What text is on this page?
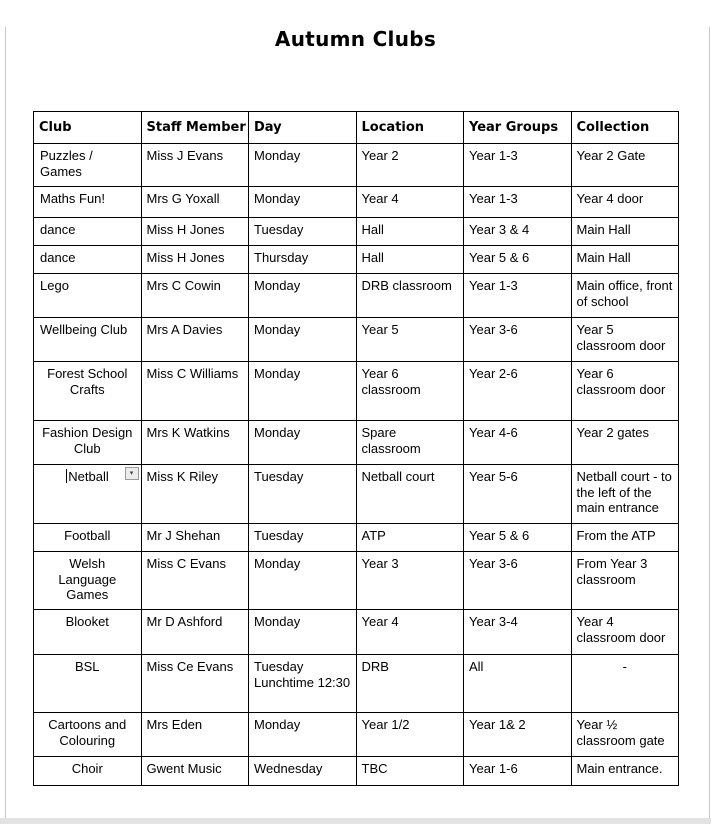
Autumn Clubs
Club	Staff Member	Day	Location	Year Groups	Collection
Puzzles / Games	Miss J Evans	Monday	Year 2	Year 1-3	Year 2 Gate
Maths Fun!	Mrs G Yoxall	Monday	Year 4	Year 1-3	Year 4 door
dance	Miss H Jones	Tuesday	Hall	Year 3 & 4	Main Hall
dance	Miss H Jones	Thursday	Hall	Year 5 & 6	Main Hall
Lego	Mrs C Cowin	Monday	DRB classroom	Year 1-3	Main office, front of school
Wellbeing Club	Mrs A Davies	Monday	Year 5	Year 3-6	Year 5 classroom door
Forest School Crafts	Miss C Williams	Monday	Year 6 classroom	Year 2-6	Year 6 classroom door
Fashion Design Club	Mrs K Watkins	Monday	Spare classroom	Year 4-6	Year 2 gates
Netball ▾	Miss K Riley	Tuesday	Netball court	Year 5-6	Netball court - to the left of the main entrance
Football	Mr J Shehan	Tuesday	ATP	Year 5 & 6	From the ATP
Welsh Language Games	Miss C Evans	Monday	Year 3	Year 3-6	From Year 3 classroom
Blooket	Mr D Ashford	Monday	Year 4	Year 3-4	Year 4 classroom door
BSL	Miss Ce Evans	Tuesday Lunchtime 12:30	DRB	All	-
Cartoons and Colouring	Mrs Eden	Monday	Year 1/2	Year 1& 2	Year ½ classroom gate
Choir	Gwent Music	Wednesday	TBC	Year 1-6	Main entrance.
